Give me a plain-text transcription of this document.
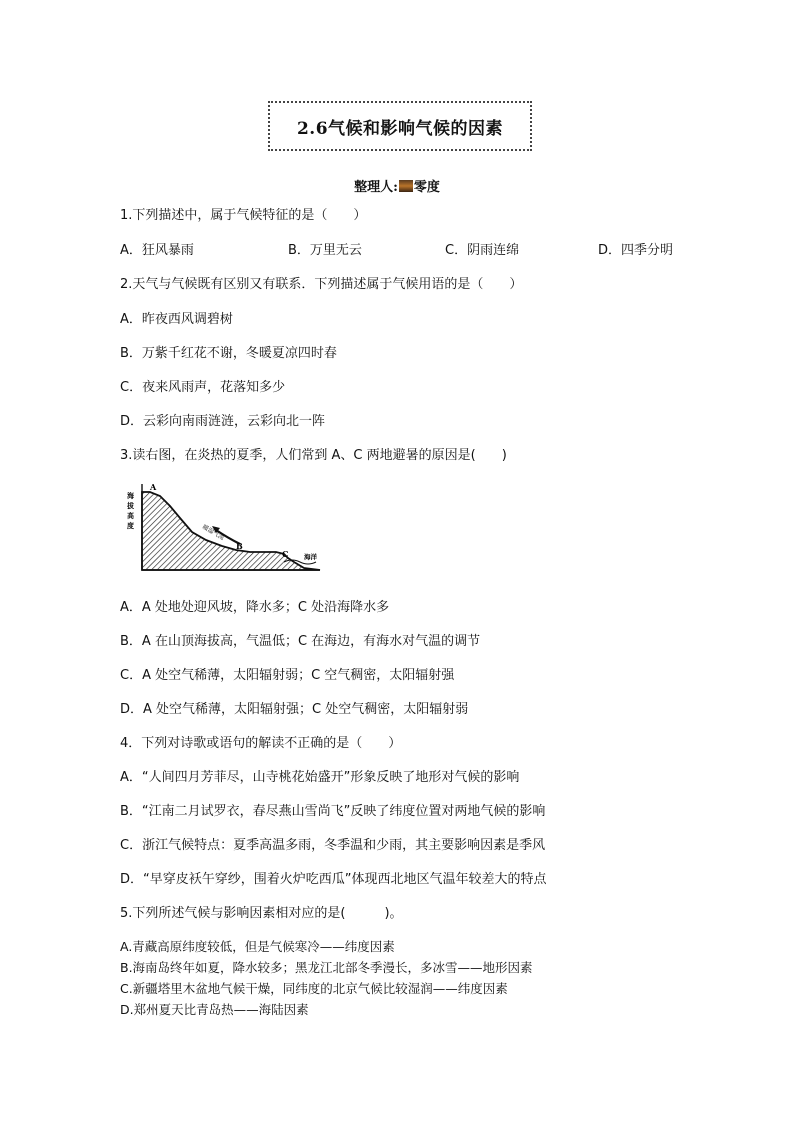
2.6气候和影响气候的因素
整理人: 零度
1.下列描述中，属于气候特征的是（　　）
A．狂风暴雨	B．万里无云	C．阴雨连绵	D．四季分明
2.天气与气候既有区别又有联系．下列描述属于气候用语的是（　　）
A．昨夜西风调碧树
B．万紫千红花不谢，冬暖夏凉四时春
C．夜来风雨声，花落知多少
D．云彩向南雨涟涟，云彩向北一阵
3.读右图，在炎热的夏季，人们常到 A、C 两地避暑的原因是(　　)
海
拔
高
度
A
B
C
暖湿气流
海洋
A．A 处地处迎风坡，降水多；C 处沿海降水多
B．A 在山顶海拔高，气温低；C 在海边，有海水对气温的调节
C．A 处空气稀薄，太阳辐射弱；C 空气稠密，太阳辐射强
D．A 处空气稀薄，太阳辐射强；C 处空气稠密，太阳辐射弱
4．下列对诗歌或语句的解读不正确的是（　　）
A．“人间四月芳菲尽，山寺桃花始盛开”形象反映了地形对气候的影响
B．“江南二月试罗衣，春尽燕山雪尚飞”反映了纬度位置对两地气候的影响
C．浙江气候特点：夏季高温多雨，冬季温和少雨，其主要影响因素是季风
D．“早穿皮袄午穿纱，围着火炉吃西瓜”体现西北地区气温年较差大的特点
5.下列所述气候与影响因素相对应的是(　　　)。
A.青藏高原纬度较低，但是气候寒冷——纬度因素
B.海南岛终年如夏，降水较多；黑龙江北部冬季漫长，多冰雪——地形因素
C.新疆塔里木盆地气候干燥，同纬度的北京气候比较湿润——纬度因素
D.郑州夏天比青岛热——海陆因素
